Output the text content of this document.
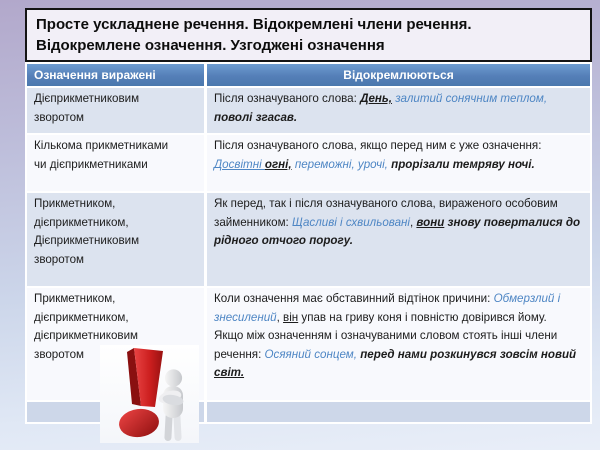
Просте ускладнене речення. Відокремлені члени речення.
Відокремлене означення. Узгоджені означення
Означення виражені	Відокремлюються
Дієприкметниковим
зворотом
Після означуваного слова: День, залитий сонячним теплом, поволі згасав.
Кількома прикметниками
чи дієприкметниками
Після означуваного слова, якщо перед ним є уже означення: Досвітні огні, переможні, урочі, прорізали темряву ночі.
Прикметником,
дієприкметником,
Дієприкметниковим
зворотом
Як перед, так і після означуваного слова, вираженого особовим займенником: Щасливі і схвильовані, вони знову поверталися до рідного отчого порогу.
Прикметником,
дієприкметником,
дієприкметниковим
зворотом
Коли означення має обставинний відтінок причини: Обмерзлий і знесилений, він упав на гриву коня і повністю довірився йому.
Якщо між означенням і означуваними словом стоять інші члени речення: Осяяний сонцем, перед нами розкинувся зовсім новий світ.
